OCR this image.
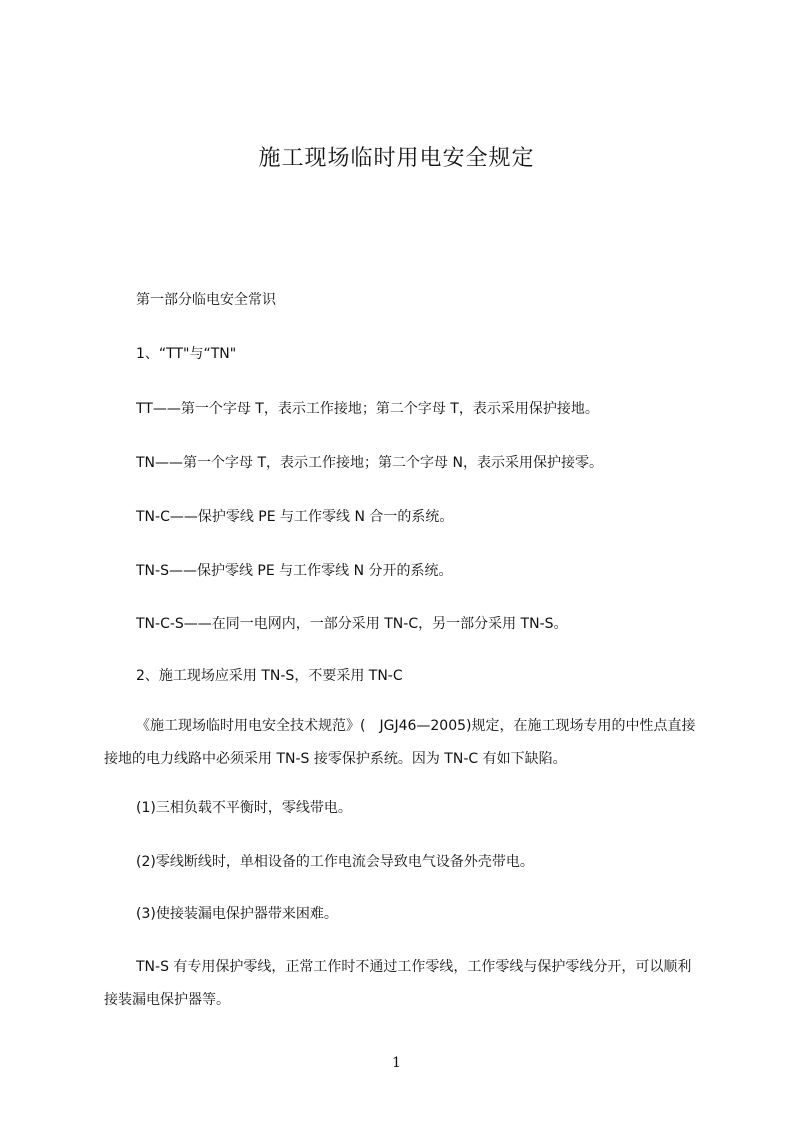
施工现场临时用电安全规定
第一部分临电安全常识
1、“TT"与“TN"
TT——第一个字母 T，表示工作接地；第二个字母 T，表示采用保护接地。
TN——第一个字母 T，表示工作接地；第二个字母 N，表示采用保护接零。
TN-C——保护零线 PE 与工作零线 N 合一的系统。
TN-S——保护零线 PE 与工作零线 N 分开的系统。
TN-C-S——在同一电网内，一部分采用 TN-C，另一部分采用 TN-S。
2、施工现场应采用 TN-S，不要采用 TN-C
《施工现场临时用电安全技术规范》(　JGJ46—2005)规定，在施工现场专用的中性点直接接地的电力线路中必须采用 TN-S 接零保护系统。因为 TN-C 有如下缺陷。
(1)三相负载不平衡时，零线带电。
(2)零线断线时，单相设备的工作电流会导致电气设备外壳带电。
(3)使接装漏电保护器带来困难。
TN-S 有专用保护零线，正常工作时不通过工作零线，工作零线与保护零线分开，可以顺利接装漏电保护器等。
1
